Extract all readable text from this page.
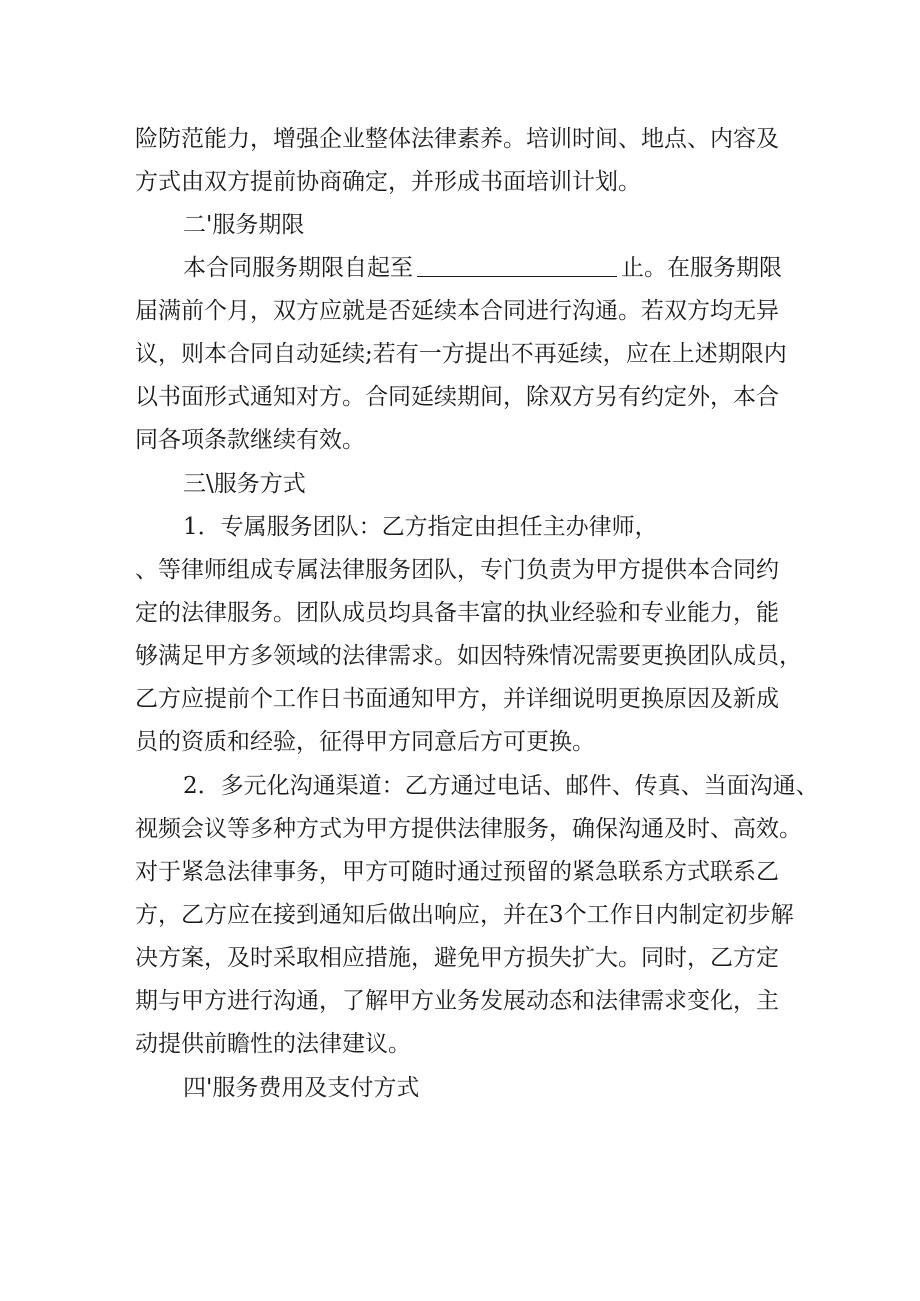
险防范能力，增强企业整体法律素养。培训时间、地点、内容及
方式由双方提前协商确定，并形成书面培训计划。
二'服务期限
本合同服务期限自起至	止。在服务期限
届满前个月，双方应就是否延续本合同进行沟通。若双方均无异
议，则本合同自动延续;若有一方提出不再延续，应在上述期限内
以书面形式通知对方。合同延续期间，除双方另有约定外，本合
同各项条款继续有效。
三\服务方式
1．专属服务团队：乙方指定由担任主办律师，
、等律师组成专属法律服务团队，专门负责为甲方提供本合同约
定的法律服务。团队成员均具备丰富的执业经验和专业能力，能
够满足甲方多领域的法律需求。如因特殊情况需要更换团队成员，
乙方应提前个工作日书面通知甲方，并详细说明更换原因及新成
员的资质和经验，征得甲方同意后方可更换。
2．多元化沟通渠道：乙方通过电话、邮件、传真、当面沟通、
视频会议等多种方式为甲方提供法律服务，确保沟通及时、高效。
对于紧急法律事务，甲方可随时通过预留的紧急联系方式联系乙
方，乙方应在接到通知后做出响应，并在3个工作日内制定初步解
决方案，及时采取相应措施，避免甲方损失扩大。同时，乙方定
期与甲方进行沟通，了解甲方业务发展动态和法律需求变化，主
动提供前瞻性的法律建议。
四'服务费用及支付方式
